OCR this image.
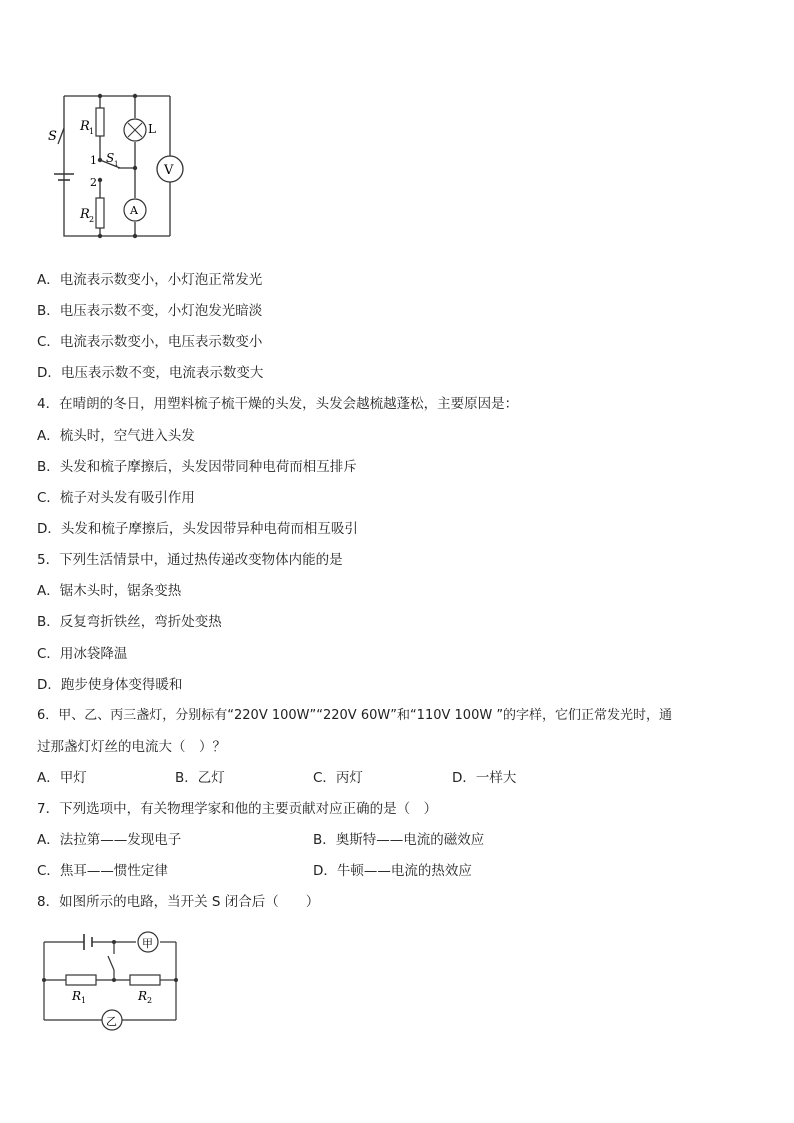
S
R 1	L
1 S 1
2
R 2
V
A
A．电流表示数变小，小灯泡正常发光
B．电压表示数不变，小灯泡发光暗淡
C．电流表示数变小，电压表示数变小
D．电压表示数不变，电流表示数变大
4．在晴朗的冬日，用塑料梳子梳干燥的头发，头发会越梳越蓬松，主要原因是：
A．梳头时，空气进入头发
B．头发和梳子摩擦后，头发因带同种电荷而相互排斥
C．梳子对头发有吸引作用
D．头发和梳子摩擦后，头发因带异种电荷而相互吸引
5．下列生活情景中，通过热传递改变物体内能的是
A．锯木头时，锯条变热
B．反复弯折铁丝，弯折处变热
C．用冰袋降温
D．跑步使身体变得暖和
6．甲、乙、丙三盏灯，分别标有“220V 100W”“220V 60W”和“110V 100W ”的字样，它们正常发光时，通
过那盏灯灯丝的电流大（　）？
A．甲灯	B．乙灯	C．丙灯	D．一样大
7．下列选项中，有关物理学家和他的主要贡献对应正确的是（　）
A．法拉第——发现电子	B．奥斯特——电流的磁效应
C．焦耳——惯性定律	D．牛顿——电流的热效应
8．如图所示的电路，当开关 S 闭合后（　　）
甲
乙
R 1	R 2
